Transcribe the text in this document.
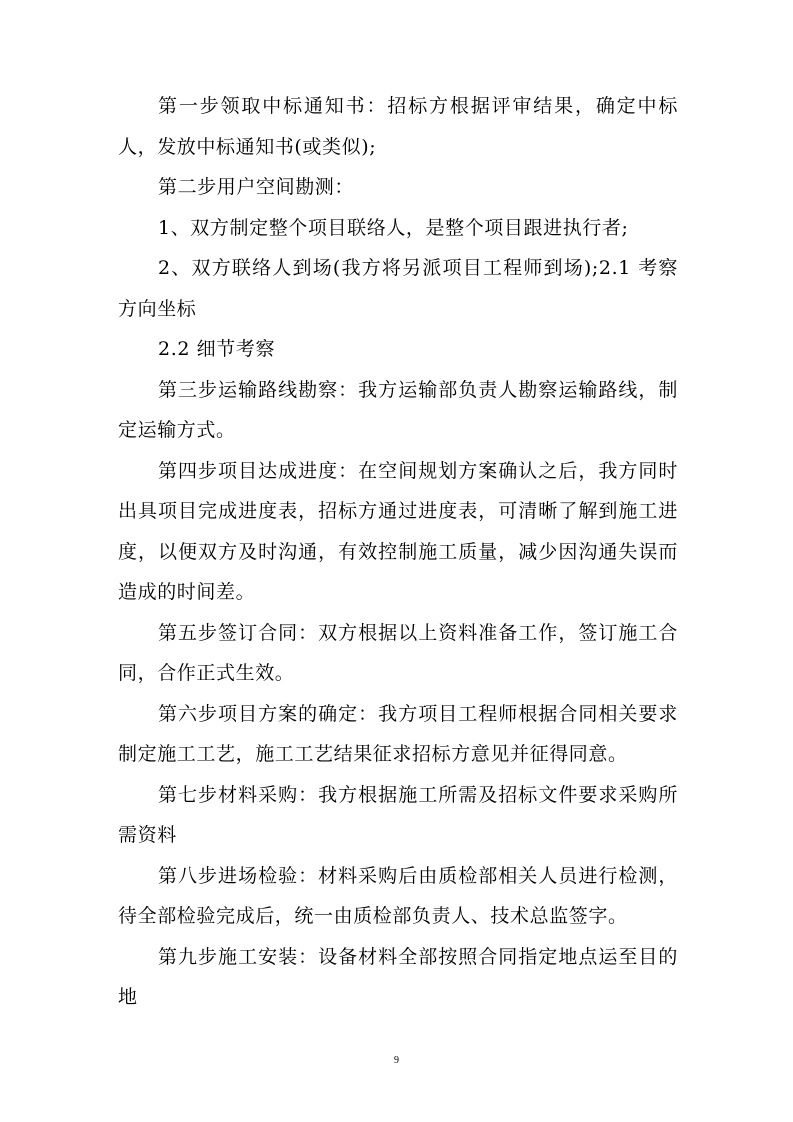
第一步领取中标通知书：招标方根据评审结果，确定中标人，发放中标通知书(或类似);

第二步用户空间勘测：

1、双方制定整个项目联络人，是整个项目跟进执行者;

2、双方联络人到场(我方将另派项目工程师到场);2.1 考察方向坐标

2.2 细节考察

第三步运输路线勘察：我方运输部负责人勘察运输路线，制定运输方式。

第四步项目达成进度：在空间规划方案确认之后，我方同时出具项目完成进度表，招标方通过进度表，可清晰了解到施工进度，以便双方及时沟通，有效控制施工质量，减少因沟通失误而造成的时间差。

第五步签订合同：双方根据以上资料准备工作，签订施工合同，合作正式生效。

第六步项目方案的确定：我方项目工程师根据合同相关要求制定施工工艺，施工工艺结果征求招标方意见并征得同意。

第七步材料采购：我方根据施工所需及招标文件要求采购所需资料

第八步进场检验：材料采购后由质检部相关人员进行检测，待全部检验完成后，统一由质检部负责人、技术总监签字。

第九步施工安装：设备材料全部按照合同指定地点运至目的地

9
